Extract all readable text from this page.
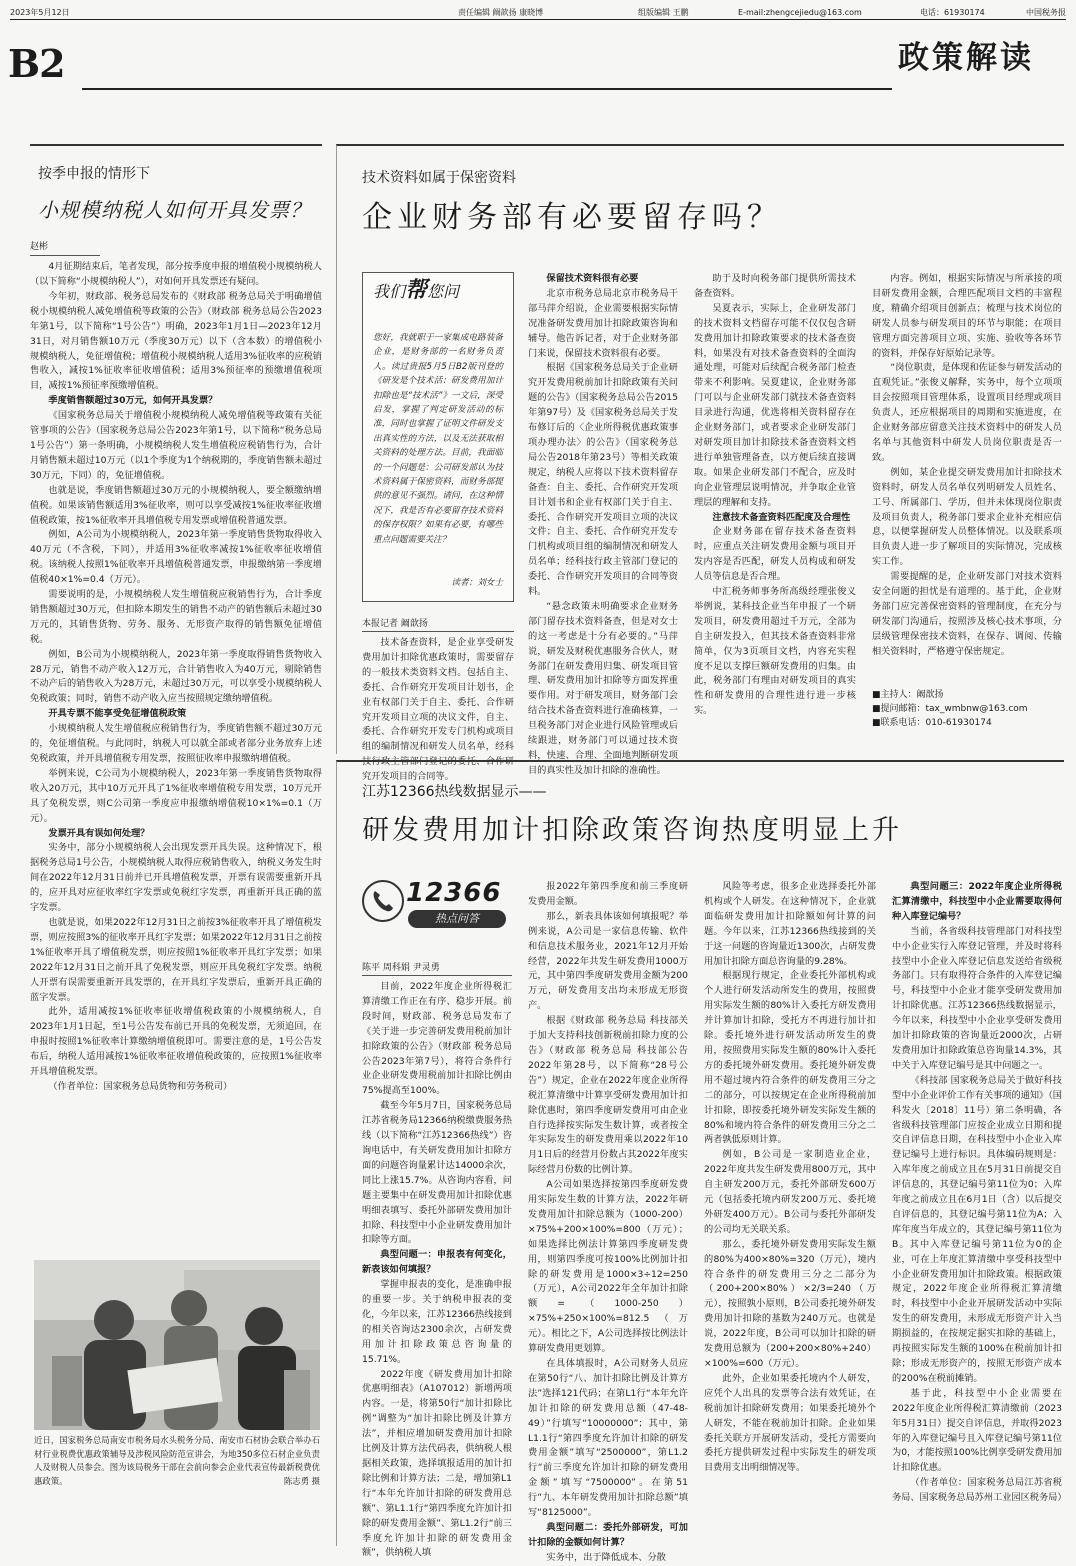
2023年5月12日	责任编辑 阚歆扬 康晓博	组版编辑 王鹏	E-mail:zhengcejiedu@163.com	电话：61930174	中国税务报
B2	政策解读
按季申报的情形下
小规模纳税人如何开具发票？
赵彬

4月征期结束后，笔者发现，部分按季度申报的增值税小规模纳税人（以下简称“小规模纳税人”），对如何开具发票还有疑问。

今年初，财政部、税务总局发布的《财政部 税务总局关于明确增值税小规模纳税人减免增值税等政策的公告》（财政部 税务总局公告2023年第1号，以下简称“1号公告”）明确，2023年1月1日—2023年12月31日，对月销售额10万元（季度30万元）以下（含本数）的增值税小规模纳税人，免征增值税；增值税小规模纳税人适用3%征收率的应税销售收入，减按1%征收率征收增值税；适用3%预征率的预缴增值税项目，减按1%预征率预缴增值税。

季度销售额超过30万元，如何开具发票？

《国家税务总局关于增值税小规模纳税人减免增值税等政策有关征管事项的公告》（国家税务总局公告2023年第1号，以下简称“税务总局1号公告”）第一条明确，小规模纳税人发生增值税应税销售行为，合计月销售额未超过10万元（以1个季度为1个纳税期的，季度销售额未超过30万元，下同）的，免征增值税。

也就是说，季度销售额超过30万元的小规模纳税人，要全额缴纳增值税。如果该销售额适用3%征收率，则可以享受减按1%征收率征收增值税政策，按1%征收率开具增值税专用发票或增值税普通发票。

例如，A公司为小规模纳税人，2023年第一季度销售货物取得收入40万元（不含税，下同），并适用3%征收率减按1%征收率征收增值税。该纳税人按照1%征收率开具增值税普通发票，申报缴纳第一季度增值税40×1%=0.4（万元）。

需要说明的是，小规模纳税人发生增值税应税销售行为，合计季度销售额超过30万元，但扣除本期发生的销售不动产的销售额后未超过30万元的，其销售货物、劳务、服务、无形资产取得的销售额免征增值税。

例如，B公司为小规模纳税人，2023年第一季度取得销售货物收入28万元，销售不动产收入12万元，合计销售收入为40万元，剔除销售不动产后的销售收入为28万元，未超过30万元，可以享受小规模纳税人免税政策；同时，销售不动产收入应当按照规定缴纳增值税。

开具专票不能享受免征增值税政策

小规模纳税人发生增值税应税销售行为，季度销售额不超过30万元的，免征增值税。与此同时，纳税人可以就全部或者部分业务放弃上述免税政策，并开具增值税专用发票，按照征收率申报缴纳增值税。

举例来说，C公司为小规模纳税人，2023年第一季度销售货物取得收入20万元，其中10万元开具了1%征收率增值税专用发票，10万元开具了免税发票，则C公司第一季度应申报缴纳增值税10×1%=0.1（万元）。

发票开具有误如何处理？

实务中，部分小规模纳税人会出现发票开具失误。这种情况下，根据税务总局1号公告，小规模纳税人取得应税销售收入，纳税义务发生时间在2022年12月31日前并已开具增值税发票，开票有误需要重新开具的，应开具对应征收率红字发票或免税红字发票，再重新开具正确的蓝字发票。

也就是说，如果2022年12月31日之前按3%征收率开具了增值税发票，则应按照3%的征收率开具红字发票；如果2022年12月31日之前按1%征收率开具了增值税发票，则应按照1%征收率开具红字发票；如果2022年12月31日之前开具了免税发票，则应开具免税红字发票。纳税人开票有误需要重新开具发票的，在开具红字发票后，重新开具正确的蓝字发票。

此外，适用减按1%征收率征收增值税政策的小规模纳税人，自2023年1月1日起，至1号公告发布前已开具的免税发票，无须追回，在申报时按照1%征收率计算缴纳增值税即可。需要注意的是，1号公告发布后，纳税人适用减按1%征收率征收增值税政策的，应按照1%征收率开具增值税发票。

（作者单位：国家税务总局货物和劳务税司）

近日，国家税务总局南安市税务局水头税务分局、南安市石材协会联合举办石材行业税费优惠政策辅导及涉税风险防范宣讲会，为地350多位石材企业负责人及财税人员参会。图为该局税务干部在会前向参会企业代表宣传最新税费优惠政策。	陈志勇 摄
技术资料如属于保密资料
企业财务部有必要留存吗？
我们帮您问
您好，我就职于一家集成电路装备企业，是财务部的一名财务负责人。读过贵报5月5日B2版刊登的《研发是个技术活：研发费用加计扣除也是“技术活”》一文后，深受启发，掌握了判定研发活动的标准，同时也掌握了证明文件研发支出真实性的方法，以及无法获取相关资料的处理方法。目前，我面临的一个问题是：公司研发部认为技术资料属于保密资料，而财务部提供的意见不强烈。请问，在这种情况下，我是否有必要留存技术资料的保存权限？如果有必要，有哪些重点问题需要关注？
读者：刘女士
本报记者 阚歆扬

技术备查资料，是企业享受研发费用加计扣除优惠政策时，需要留存的一般技术类资料文档。包括自主、委托、合作研究开发项目计划书，企业有权部门关于自主、委托、合作研究开发项目立项的决议文件，自主、委托、合作研究开发专门机构或项目组的编制情况和研发人员名单，经科技行政主管部门登记的委托、合作研究开发项目的合同等。

保留技术资料很有必要

北京市税务总局北京市税务局干部马萍介绍说，企业需要根据实际情况准备研发费用加计扣除政策咨询和辅导。他告诉记者，对于企业财务部门来说，保留技术资料很有必要。

根据《国家税务总局关于企业研究开发费用税前加计扣除政策有关问题的公告》（国家税务总局公告2015年第97号）及《国家税务总局关于发布修订后的〈企业所得税优惠政策事项办理办法〉的公告》（国家税务总局公告2018年第23号）等相关政策规定，纳税人应将以下技术资料留存备查：自主、委托、合作研究开发项目计划书和企业有权部门关于自主、委托、合作研究开发项目立项的决议文件；自主、委托、合作研究开发专门机构或项目组的编制情况和研发人员名单；经科技行政主管部门登记的委托、合作研究开发项目的合同等资料。

“悬念政策未明确要求企业财务部门留存技术资料备查，但是对女士的这一考虑是十分有必要的。”马萍说，研发及财税优惠服务合伙人，财务部门在研发费用归集、研发项目管理、研发费用加计扣除等方面发挥重要作用。对于研发项目，财务部门会结合技术备查资料进行准确核算，一旦税务部门对企业进行风险管理或后续跟进，财务部门可以通过技术资料，快速、合理、全面地判断研发项目的真实性及加计扣除的准确性。

助于及时向税务部门提供所需技术备查资料。

吴夏表示，实际上，企业研发部门的技术资料文档留存可能不仅仅包含研发费用加计扣除政策要求的技术备查资料，如果没有对技术备查资料的全面沟通处理，可能对后续配合税务部门检查带来不利影响。吴夏建议，企业财务部门可以与企业研发部门就技术备查资料目录进行沟通，优选将相关资料留存在企业财务部门，或者要求企业研发部门对研发项目加计扣除技术备查资料文档进行单独管理备查，以方便后续直接调取。如果企业研发部门不配合，应及时向企业管理层说明情况，并争取企业管理层的理解和支持。

注意技术备查资料匹配度及合理性

企业财务部在留存技术备查资料时，应重点关注研发费用金额与项目开发内容是否匹配，研发人员构成和研发人员等信息是否合理。

中汇税务师事务所高级经理张俊义举例说，某科技企业当年申报了一个研发项目，研发费用超过千万元，全部为自主研发投入，但其技术备查资料非常简单，仅为3页项目文档，内容充实程度不足以支撑巨额研发费用的归集。由此，税务部门有理由对研发项目的真实性和研发费用的合理性进行进一步核实。

内容。例如，根据实际情况与所承接的项目研发费用金额，合理匹配项目文档的丰富程度，精确介绍项目创新点；梳理与技术岗位的研发人员参与研发项目的环节与职能；在项目管理方面完善项目立项、实施、验收等各环节的资料，并保存好原始记录等。

“岗位职责，是体现和佐证参与研发活动的直观凭证。”张俊义解释，实务中，每个立项项目会按照项目管理体系，设置项目经理或项目负责人，还应根据项目的周期和实施进度，在企业财务部应留意关注技术资料中的研发人员名单与其他资料中研发人员岗位职责是否一致。

例如，某企业提交研发费用加计扣除技术资料时，研发人员名单仅列明研发人员姓名、工号、所属部门、学历，但并未体现岗位职责及项目负责人，税务部门要求企业补充相应信息，以便掌握研发人员整体情况。以及联系项目负责人进一步了解项目的实际情况，完成核实工作。

需要提醒的是，企业研发部门对技术资料安全问题的担忧是有道理的。基于此，企业财务部门应完善保密资料的管理制度，在充分与研发部门沟通后，按照涉及核心技术事项，分层级管理保密技术资料，在保存、调阅、传输相关资料时，严格遵守保密规定。

■主持人：阚歆扬
■提问邮箱：tax_wmbnw@163.com
■联系电话：010-61930174
江苏12366热线数据显示——
研发费用加计扣除政策咨询热度明显上升
12366
热点问答
陈平 周科娟 尹灵勇

目前，2022年度企业所得税汇算清缴工作正在有序、稳步开展。前段时间，财政部、税务总局发布了《关于进一步完善研发费用税前加计扣除政策的公告》（财政部 税务总局公告2023年第7号），将符合条件行业企业研发费用税前加计扣除比例由75%提高至100%。

截至今年5月7日，国家税务总局江苏省税务局12366纳税缴费服务热线（以下简称“江苏12366热线”）咨询电话中，有关研发费用加计扣除方面的问题咨询量累计达14000余次，同比上涨15.7%。从咨询内容看，问题主要集中在研发费用加计扣除优惠明细表填写、委托外部研发费用加计扣除、科技型中小企业研发费用加计扣除等方面。

典型问题一：申报表有何变化，新表该如何填报？

掌握申报表的变化，是准确申报的重要一步。关于纳税申报表的变化，今年以来，江苏12366热线接到的相关咨询达2300余次，占研发费用加计扣除政策总咨询量的15.71%。

2022年度《研发费用加计扣除优惠明细表》（A107012）新增两项内容。一是，将第50行“加计扣除比例”调整为“加计扣除比例及计算方法”，并相应增加研发费用加计扣除比例及计算方法代码表，供纳税人根据相关政策，选择填报适用的加计扣除比例和计算方法；二是，增加第L1行“本年允许加计扣除的研发费用总额”、第L1.1行“第四季度允许加计扣除的研发费用金额”、第L1.2行“前三季度允许加计扣除的研发费用金额”，供纳税人填

报2022年第四季度和前三季度研发费用金额。

那么，新表具体该如何填报呢？举例来说，A公司是一家信息传输、软件和信息技术服务业，2021年12月开始经营，2022年共发生研发费用1000万元，其中第四季度研发费用金额为200万元，研发费用支出均未形成无形资产。

根据《财政部 税务总局 科技部关于加大支持科技创新税前扣除力度的公告》（财政部 税务总局 科技部公告2022年第28号，以下简称“28号公告”）规定，企业在2022年度企业所得税汇算清缴中计算享受研发费用加计扣除优惠时，第四季度研发费用可由企业自行选择按实际发生数计算，或者按全年实际发生的研发费用乘以2022年10月1日后的经营月份数占其2022年度实际经营月份数的比例计算。

A公司如果选择按第四季度研发费用实际发生数的计算方法，2022年研发费用加计扣除总额为（1000-200）×75%+200×100%=800（万元）；如果选择比例法计算第四季度研发费用，则第四季度可按100%比例加计扣除的研发费用是1000×3÷12=250（万元），A公司2022年全年加计扣除额=（1000-250）×75%+250×100%=812.5（万元）。相比之下，A公司选择按比例法计算研发费用更划算。

在具体填报时，A公司财务人员应在第50行“八、加计扣除比例及计算方法”选择121代码；在第L1行“本年允许加计扣除的研发费用总额（47-48-49）”行填写“10000000”；其中，第L1.1行“第四季度允许加计扣除的研发费用金额”填写“2500000”，第L1.2行“前三季度允许加计扣除的研发费用金额”填写“7500000”。在第51行“九、本年研发费用加计扣除总额”填写“8125000”。

典型问题二：委托外部研发，可加计扣除的金额如何计算？

实务中，出于降低成本、分散

风险等考虑，很多企业选择委托外部机构或个人研发。在这种情况下，企业就面临研发费用加计扣除额如何计算的问题。今年以来，江苏12366热线接到的关于这一问题的咨询量近1300次，占研发费用加计扣除方面总咨询量的9.28%。

根据现行规定，企业委托外部机构或个人进行研发活动所发生的费用，按照费用实际发生额的80%计入委托方研发费用并计算加计扣除，受托方不再进行加计扣除。委托境外进行研发活动所发生的费用，按照费用实际发生额的80%计入委托方的委托境外研发费用。委托境外研发费用不超过境内符合条件的研发费用三分之二的部分，可以按规定在企业所得税前加计扣除，即按委托境外研发实际发生额的80%和境内符合条件的研发费用三分之二两者孰低原则计算。

例如，B公司是一家制造业企业，2022年度共发生研发费用800万元，其中自主研发200万元，委托外部研发600万元（包括委托境内研发200万元、委托境外研发400万元）。B公司与委托外部研发的公司均无关联关系。

那么，委托境外研发费用实际发生额的80%为400×80%=320（万元），境内符合条件的研发费用三分之二部分为（200+200×80%）×2/3=240（万元），按照孰小原则，B公司委托境外研发费用加计扣除的基数为240万元。也就是说，2022年度，B公司可以加计扣除的研发费用总额为（200+200×80%+240）×100%=600（万元）。

此外，企业如果委托境内个人研发，应凭个人出具的发票等合法有效凭证，在税前加计扣除研发费用；如果委托境外个人研发，不能在税前加计扣除。企业如果委托关联方开展研发活动，受托方需要向委托方提供研发过程中实际发生的研发项目费用支出明细情况等。

典型问题三：2022年度企业所得税汇算清缴中，科技型中小企业需要取得何种入库登记编号？

当前，各省级科技管理部门对科技型中小企业实行入库登记管理，并及时将科技型中小企业入库登记信息发送给省级税务部门。只有取得符合条件的入库登记编号，科技型中小企业才能享受研发费用加计扣除优惠。江苏12366热线数据显示，今年以来，科技型中小企业享受研发费用加计扣除政策的咨询量近2000次，占研发费用加计扣除政策总咨询量14.3%，其中关于入库登记编号是其中问题之一。

《科技部 国家税务总局关于做好科技型中小企业评价工作有关事项的通知》（国科发火〔2018〕11号）第二条明确，各省级科技管理部门应按企业成立日期和提交自评信息日期，在科技型中小企业入库登记编号上进行标识。具体编码规则是：入库年度之前成立且在5月31日前提交自评信息的，其登记编号第11位为0；入库年度之前成立且在6月1日（含）以后提交自评信息的，其登记编号第11位为A；入库年度当年成立的，其登记编号第11位为B。其中入库登记编号第11位为0的企业，可在上年度汇算清缴中享受科技型中小企业研发费用加计扣除政策。根据政策规定，2022年度企业所得税汇算清缴时，科技型中小企业开展研发活动中实际发生的研发费用，未形成无形资产计入当期损益的，在按规定据实扣除的基础上，再按照实际发生额的100%在税前加计扣除；形成无形资产的，按照无形资产成本的200%在税前摊销。

基于此，科技型中小企业需要在2022年度企业所得税汇算清缴前（2023年5月31日）提交自评信息，并取得2023年的入库登记编号且入库登记编号第11位为0，才能按照100%比例享受研发费用加计扣除优惠。

（作者单位：国家税务总局江苏省税务局、国家税务总局苏州工业园区税务局）
